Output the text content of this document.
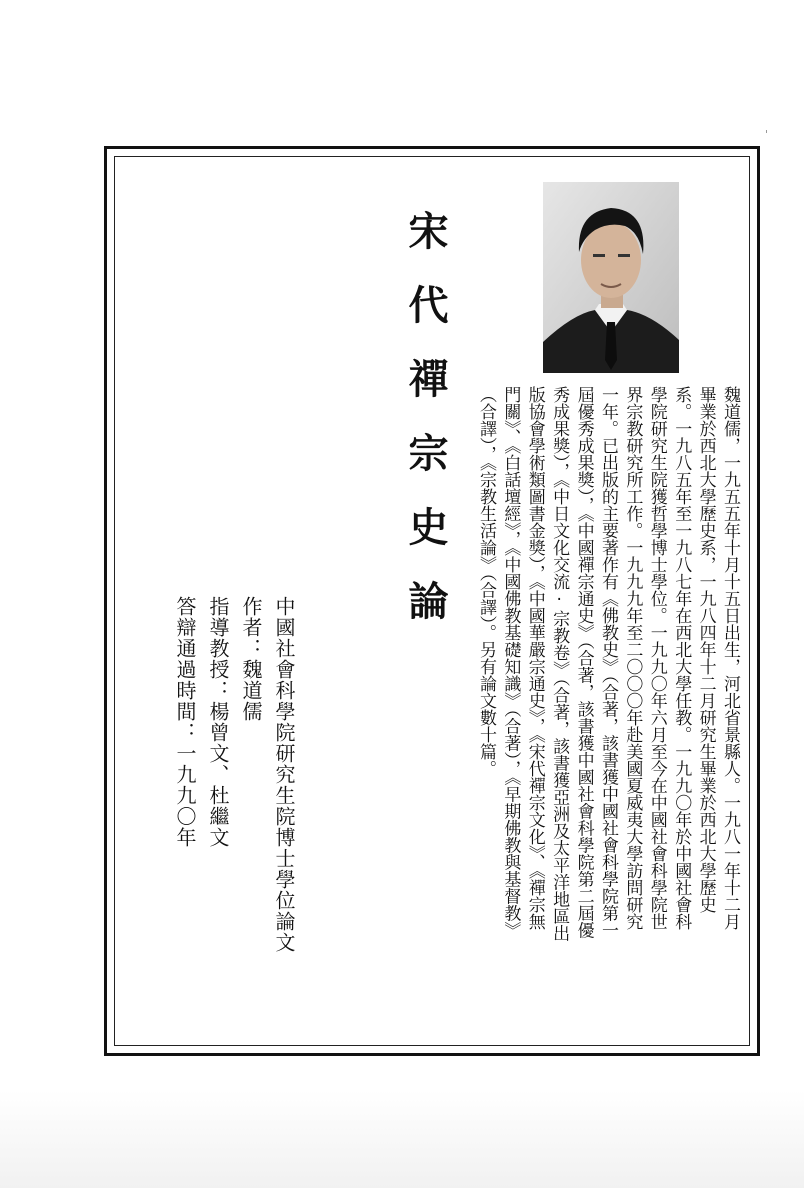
宋代禪宗史論	魏道儒，一九五五年十月十五日出生，河北省景縣人。一九八一年十二月畢業於西北大學歷史系，一九八四年十二月研究生畢業於西北大學歷史系。一九八五年至一九八七年在西北大學任教。一九九〇年於中國社會科學院研究生院獲哲學博士學位。一九九〇年六月至今在中國社會科學院世界宗教研究所工作。一九九九年至二〇〇〇年赴美國夏威夷大學訪問研究一年。已出版的主要著作有《佛教史》（合著，該書獲中國社會科學院第一屆優秀成果獎），《中國禪宗通史》（合著，該書獲中國社會科學院第二屆優秀成果獎），《中日文化交流·宗教卷》（合著，該書獲亞洲及太平洋地區出版協會學術類圖書金獎），《中國華嚴宗通史》，《宋代禪宗文化》、《禪宗無門關》、《白話壇經》，《中國佛教基礎知識》（合著），《早期佛教與基督教》（合譯），《宗教生活論》（合譯）。另有論文數十篇。
中國社會科學院研究生院博士學位論文
作者：魏道儒
指導教授：楊曾文、杜繼文
答辯通過時間：一九九〇年
